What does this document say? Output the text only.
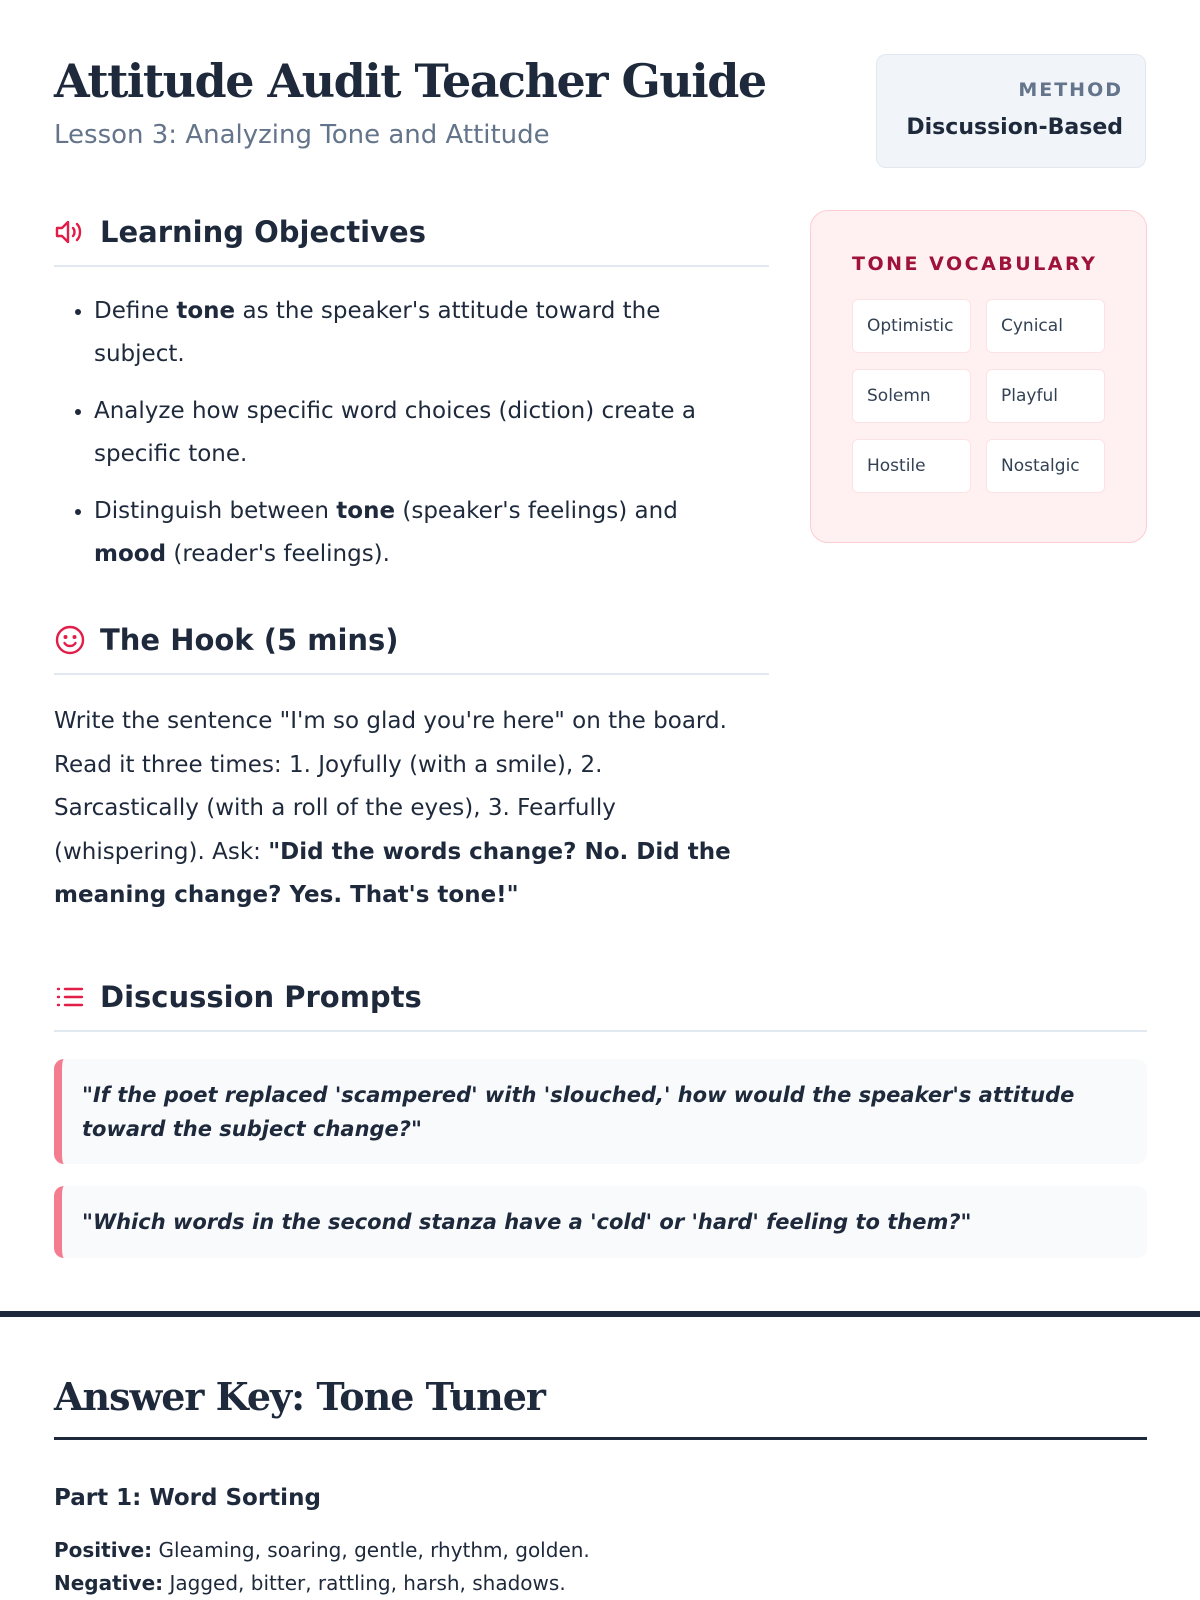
Attitude Audit Teacher Guide

Lesson 3: Analyzing Tone and Attitude

METHOD
Discussion-Based
Learning Objectives
• Define tone as the speaker's attitude toward the subject.
• Analyze how specific word choices (diction) create a specific tone.
• Distinguish between tone (speaker's feelings) and mood (reader's feelings).
The Hook (5 mins)

Write the sentence "I'm so glad you're here" on the board. Read it three times: 1. Joyfully (with a smile), 2. Sarcastically (with a roll of the eyes), 3. Fearfully (whispering). Ask: "Did the words change? No. Did the meaning change? Yes. That's tone!"

TONE VOCABULARY
Optimistic	Cynical
Solemn	Playful
Hostile	Nostalgic
Discussion Prompts
"If the poet replaced 'scampered' with 'slouched,' how would the speaker's attitude toward the subject change?"
"Which words in the second stanza have a 'cold' or 'hard' feeling to them?"
Answer Key: Tone Tuner
Part 1: Word Sorting

Positive: Gleaming, soaring, gentle, rhythm, golden.

Negative: Jagged, bitter, rattling, harsh, shadows.
